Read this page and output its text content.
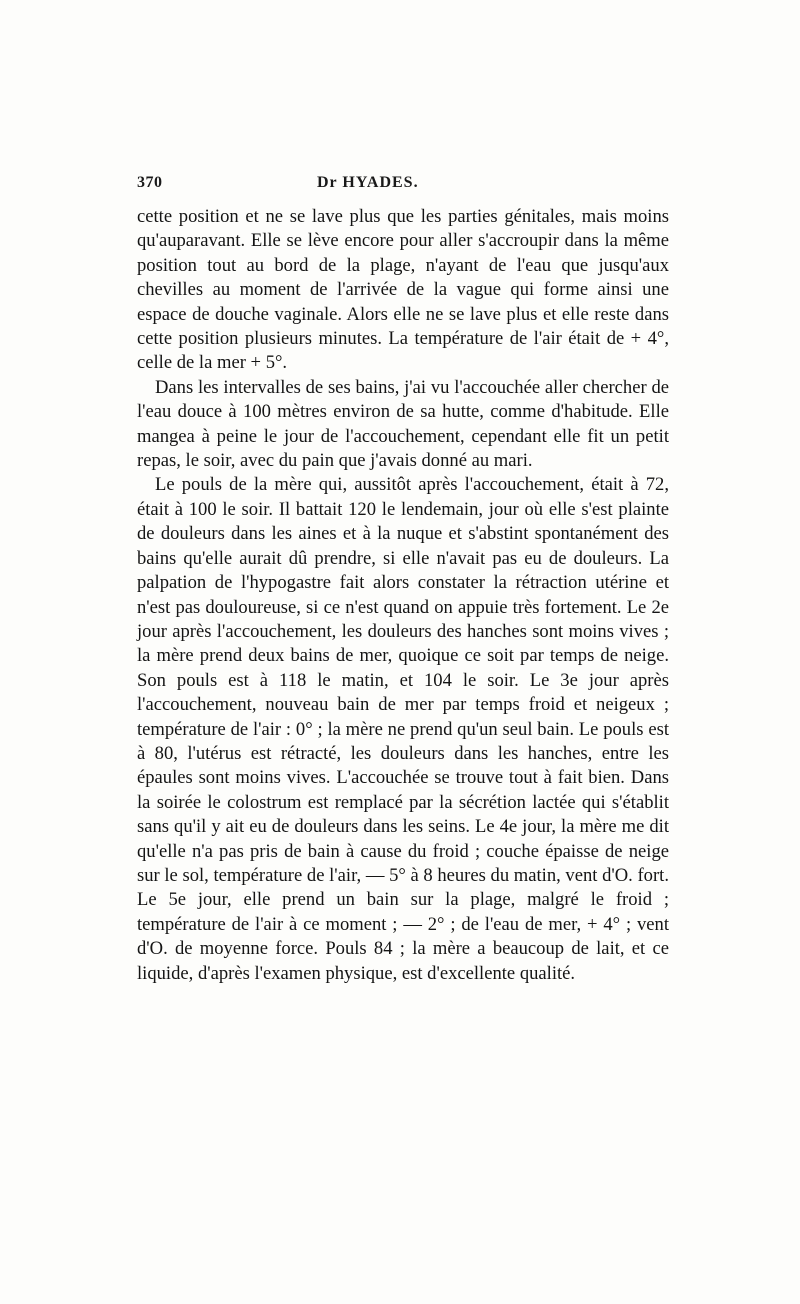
370	Dr HYADES.

cette position et ne se lave plus que les parties génitales, mais moins qu'auparavant. Elle se lève encore pour aller s'accroupir dans la même position tout au bord de la plage, n'ayant de l'eau que jusqu'aux chevilles au moment de l'arrivée de la vague qui forme ainsi une espace de douche vaginale. Alors elle ne se lave plus et elle reste dans cette position plusieurs minutes. La température de l'air était de + 4°, celle de la mer + 5°.

Dans les intervalles de ses bains, j'ai vu l'accouchée aller chercher de l'eau douce à 100 mètres environ de sa hutte, comme d'habitude. Elle mangea à peine le jour de l'accouchement, cependant elle fit un petit repas, le soir, avec du pain que j'avais donné au mari.

Le pouls de la mère qui, aussitôt après l'accouchement, était à 72, était à 100 le soir. Il battait 120 le lendemain, jour où elle s'est plainte de douleurs dans les aines et à la nuque et s'abstint spontanément des bains qu'elle aurait dû prendre, si elle n'avait pas eu de douleurs. La palpation de l'hypogastre fait alors constater la rétraction utérine et n'est pas douloureuse, si ce n'est quand on appuie très fortement. Le 2e jour après l'accouchement, les douleurs des hanches sont moins vives ; la mère prend deux bains de mer, quoique ce soit par temps de neige. Son pouls est à 118 le matin, et 104 le soir. Le 3e jour après l'accouchement, nouveau bain de mer par temps froid et neigeux ; température de l'air : 0° ; la mère ne prend qu'un seul bain. Le pouls est à 80, l'utérus est rétracté, les douleurs dans les hanches, entre les épaules sont moins vives. L'accouchée se trouve tout à fait bien. Dans la soirée le colostrum est remplacé par la sécrétion lactée qui s'établit sans qu'il y ait eu de douleurs dans les seins. Le 4e jour, la mère me dit qu'elle n'a pas pris de bain à cause du froid ; couche épaisse de neige sur le sol, température de l'air, — 5° à 8 heures du matin, vent d'O. fort. Le 5e jour, elle prend un bain sur la plage, malgré le froid ; température de l'air à ce moment ; — 2° ; de l'eau de mer, + 4° ; vent d'O. de moyenne force. Pouls 84 ; la mère a beaucoup de lait, et ce liquide, d'après l'examen physique, est d'excellente qualité.
